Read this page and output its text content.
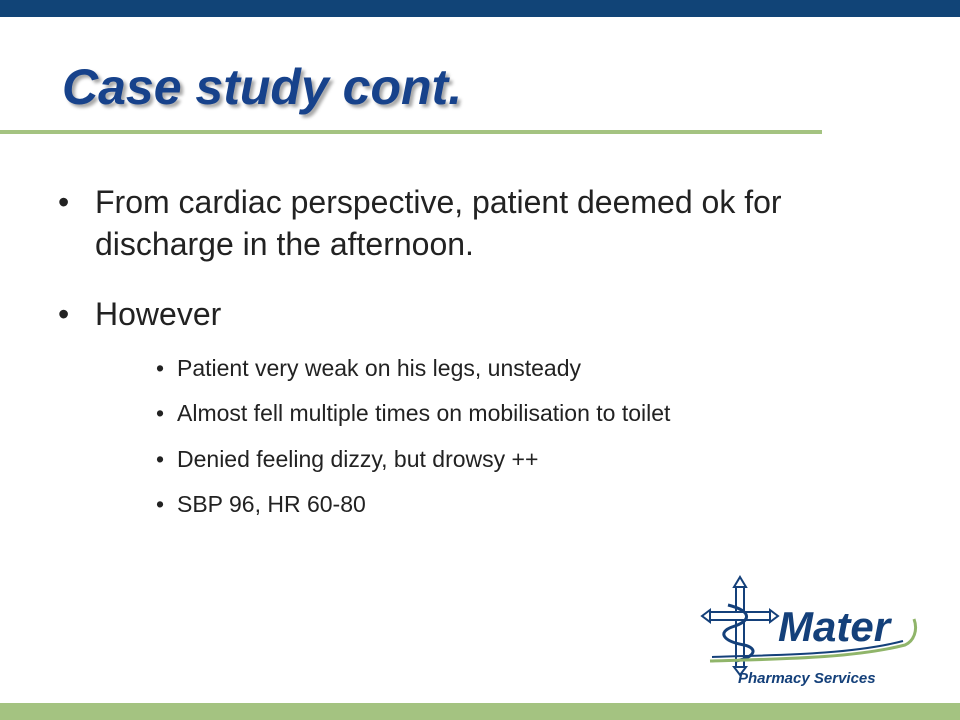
Case study cont.
• From cardiac perspective, patient deemed ok for discharge in the afternoon.
• However
• Patient very weak on his legs, unsteady
• Almost fell multiple times on mobilisation to toilet
• Denied feeling dizzy, but drowsy ++
• SBP 96, HR 60-80
Mater
Pharmacy Services
